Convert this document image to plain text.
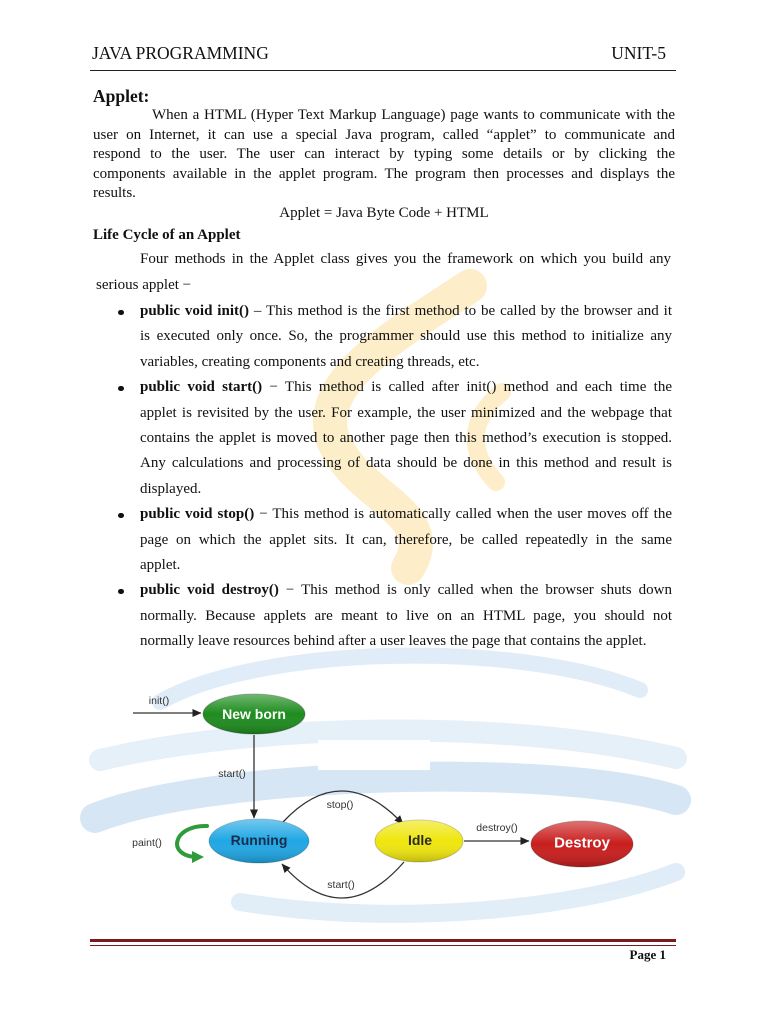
JAVA PROGRAMMING	UNIT-5
Applet:
When a HTML (Hyper Text Markup Language) page wants to communicate with the
user on Internet, it can use a special Java program, called “applet” to communicate and
respond to the user. The user can interact by typing some details or by clicking the
components available in the applet program. The program then processes and displays the
results.
Applet = Java Byte Code + HTML
Life Cycle of an Applet
Four methods in the Applet class gives you the framework on which you build any
serious applet −
public void init() – This method is the first method to be called by the browser and it
is executed only once. So, the programmer should use this method to initialize any
variables, creating components and creating threads, etc.
public void start() − This method is called after init() method and each time the
applet is revisited by the user. For example, the user minimized and the webpage that
contains the applet is moved to another page then this method’s execution is stopped.
Any calculations and processing of data should be done in this method and result is
displayed.
public void stop() − This method is automatically called when the user moves off the
page on which the applet sits. It can, therefore, be called repeatedly in the same
applet.
public void destroy() − This method is only called when the browser shuts down
normally. Because applets are meant to live on an HTML page, you should not
normally leave resources behind after a user leaves the page that contains the applet.
init()
start()
stop()
start()
destroy()
paint()
New born
Running	Idle	Destroy
Page 1
